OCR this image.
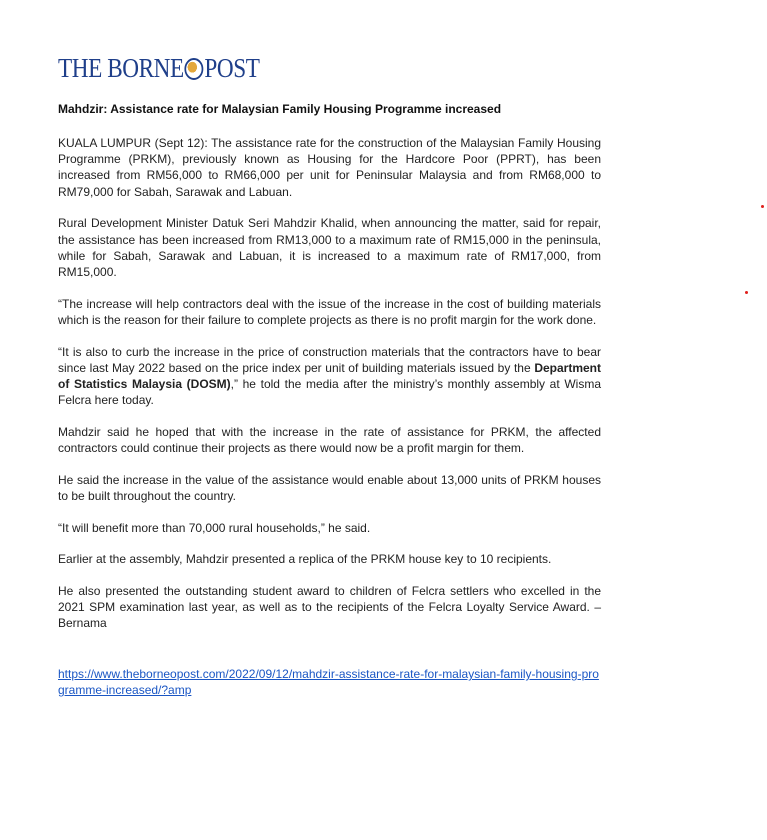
THE BORNE POST
Mahdzir: Assistance rate for Malaysian Family Housing Programme increased

KUALA LUMPUR (Sept 12): The assistance rate for the construction of the Malaysian Family Housing Programme (PRKM), previously known as Housing for the Hardcore Poor (PPRT), has been increased from RM56,000 to RM66,000 per unit for Peninsular Malaysia and from RM68,000 to RM79,000 for Sabah, Sarawak and Labuan.

Rural Development Minister Datuk Seri Mahdzir Khalid, when announcing the matter, said for repair, the assistance has been increased from RM13,000 to a maximum rate of RM15,000 in the peninsula, while for Sabah, Sarawak and Labuan, it is increased to a maximum rate of RM17,000, from RM15,000.

“The increase will help contractors deal with the issue of the increase in the cost of building materials which is the reason for their failure to complete projects as there is no profit margin for the work done.

“It is also to curb the increase in the price of construction materials that the contractors have to bear since last May 2022 based on the price index per unit of building materials issued by the Department of Statistics Malaysia (DOSM),” he told the media after the ministry’s monthly assembly at Wisma Felcra here today.

Mahdzir said he hoped that with the increase in the rate of assistance for PRKM, the affected contractors could continue their projects as there would now be a profit margin for them.

He said the increase in the value of the assistance would enable about 13,000 units of PRKM houses to be built throughout the country.

“It will benefit more than 70,000 rural households,” he said.

Earlier at the assembly, Mahdzir presented a replica of the PRKM house key to 10 recipients.

He also presented the outstanding student award to children of Felcra settlers who excelled in the 2021 SPM examination last year, as well as to the recipients of the Felcra Loyalty Service Award. – Bernama

https://www.theborneopost.com/2022/09/12/mahdzir-assistance-rate-for-malaysian-family-housing-programme-increased/?amp
